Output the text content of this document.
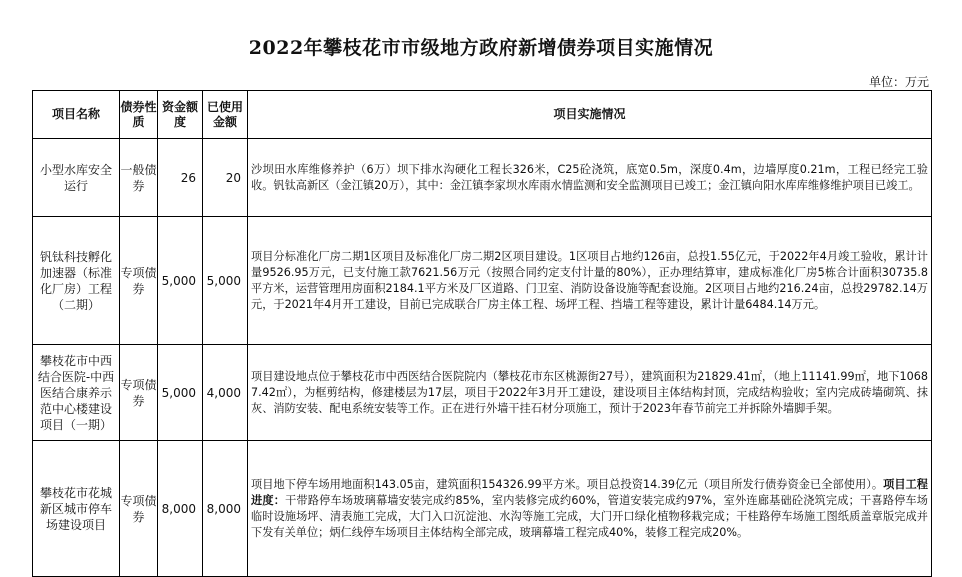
2022年攀枝花市市级地方政府新增债券项目实施情况
单位：万元
项目名称	债券性质	资金额度	已使用金额	项目实施情况
小型水库安全运行	一般债券	26	20	沙坝田水库维修养护（6万）坝下排水沟硬化工程长326米，C25砼浇筑，底宽0.5m，深度0.4m，边墙厚度0.21m，工程已经完工验收。钒钛高新区（金江镇20万），其中：金江镇李家坝水库雨水情监测和安全监测项目已竣工；金江镇向阳水库库维修维护项目已竣工。
钒钛科技孵化加速器（标准化厂房）工程（二期）	专项债券	5,000	5,000	项目分标准化厂房二期1区项目及标准化厂房二期2区项目建设。1区项目占地约126亩，总投1.55亿元，于2022年4月竣工验收，累计计量9526.95万元，已支付施工款7621.56万元（按照合同约定支付计量的80%），正办理结算审，建成标准化厂房5栋合计面积30735.8平方米，运营管理用房面积2184.1平方米及厂区道路、门卫室、消防设备设施等配套设施。2区项目占地约216.24亩，总投29782.14万元，于2021年4月开工建设，目前已完成联合厂房主体工程、场坪工程、挡墙工程等建设，累计计量6484.14万元。
攀枝花市中西结合医院-中西医结合康养示范中心楼建设项目（一期）	专项债券	5,000	4,000	项目建设地点位于攀枝花市中西医结合医院院内（攀枝花市东区桃源街27号），建筑面积为21829.41㎡，（地上11141.99㎡，地下10687.42㎡），为框剪结构，修建楼层为17层，项目于2022年3月开工建设，建设项目主体结构封顶，完成结构验收；室内完成砖墙砌筑、抹灰、消防安装、配电系统安装等工作。正在进行外墙干挂石材分项施工，预计于2023年春节前完工并拆除外墙脚手架。
攀枝花市花城新区城市停车场建设项目	专项债券	8,000	8,000	项目地下停车场用地面积143.05亩，建筑面积154326.99平方米。项目总投资14.39亿元（项目所发行债券资金已全部使用）。项目工程进度：干带路停车场玻璃幕墙安装完成约85%，室内装修完成约60%，管道安装完成约97%，室外连廊基础砼浇筑完成；干喜路停车场临时设施场坪、清表施工完成，大门入口沉淀池、水沟等施工完成，大门开口绿化植物移栽完成；干桂路停车场施工图纸质盖章版完成并下发有关单位；炳仁线停车场项目主体结构全部完成，玻璃幕墙工程完成40%，装修工程完成20%。
